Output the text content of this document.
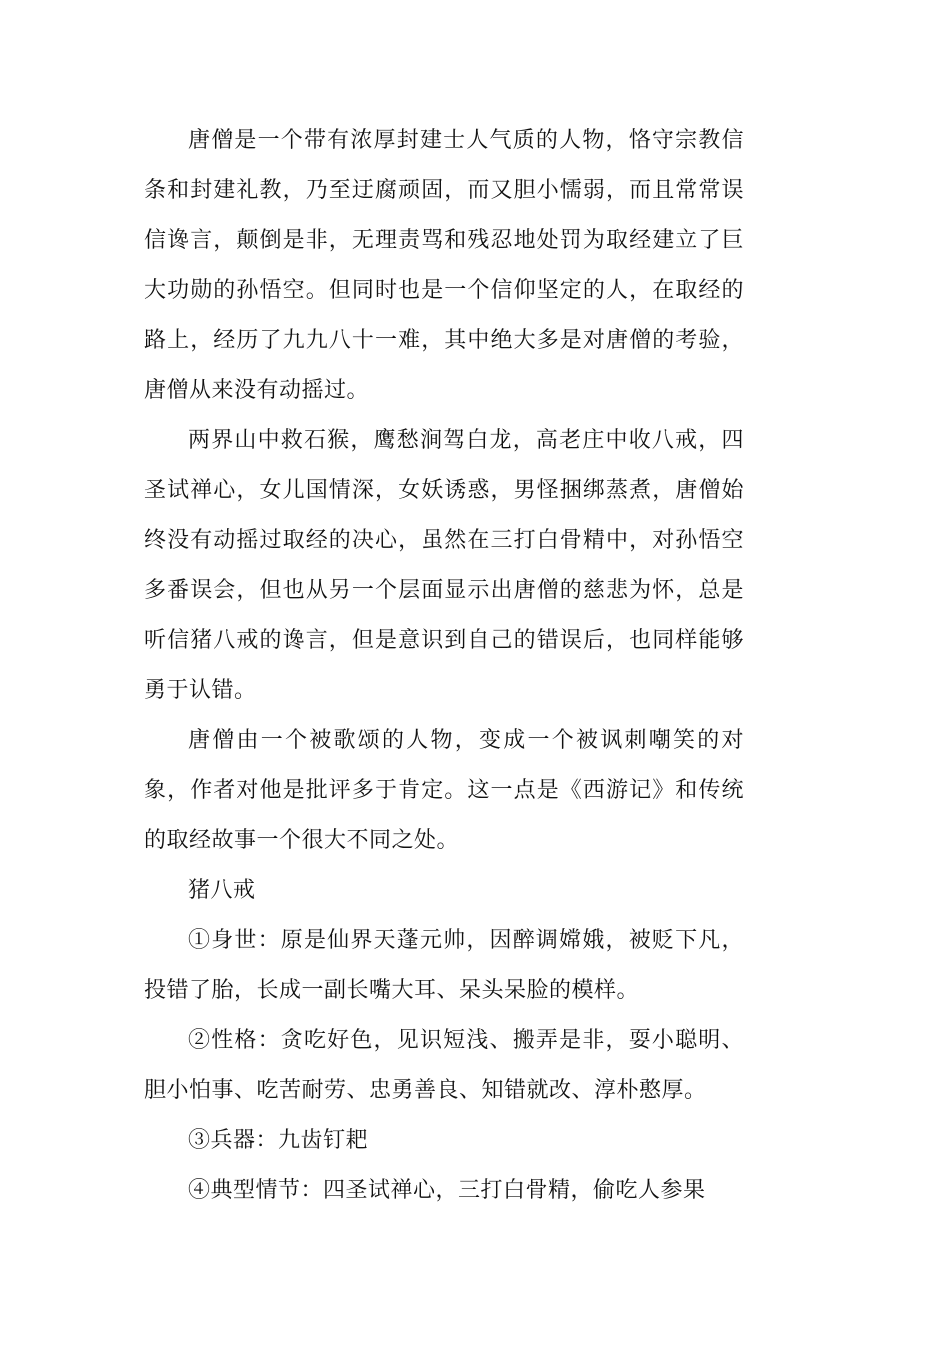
唐僧是一个带有浓厚封建士人气质的人物，恪守宗教信条和封建礼教，乃至迂腐顽固，而又胆小懦弱，而且常常误信谗言，颠倒是非，无理责骂和残忍地处罚为取经建立了巨大功勋的孙悟空。但同时也是一个信仰坚定的人，在取经的路上，经历了九九八十一难，其中绝大多是对唐僧的考验，唐僧从来没有动摇过。

两界山中救石猴，鹰愁涧驾白龙，高老庄中收八戒，四圣试禅心，女儿国情深，女妖诱惑，男怪捆绑蒸煮，唐僧始终没有动摇过取经的决心，虽然在三打白骨精中，对孙悟空多番误会，但也从另一个层面显示出唐僧的慈悲为怀，总是听信猪八戒的谗言，但是意识到自己的错误后，也同样能够勇于认错。

唐僧由一个被歌颂的人物，变成一个被讽刺嘲笑的对象，作者对他是批评多于肯定。这一点是《西游记》和传统的取经故事一个很大不同之处。

猪八戒

①身世：原是仙界天蓬元帅，因醉调嫦娥，被贬下凡，投错了胎，长成一副长嘴大耳、呆头呆脸的模样。

②性格：贪吃好色，见识短浅、搬弄是非，耍小聪明、胆小怕事、吃苦耐劳、忠勇善良、知错就改、淳朴憨厚。

③兵器：九齿钉耙

④典型情节：四圣试禅心，三打白骨精，偷吃人参果
